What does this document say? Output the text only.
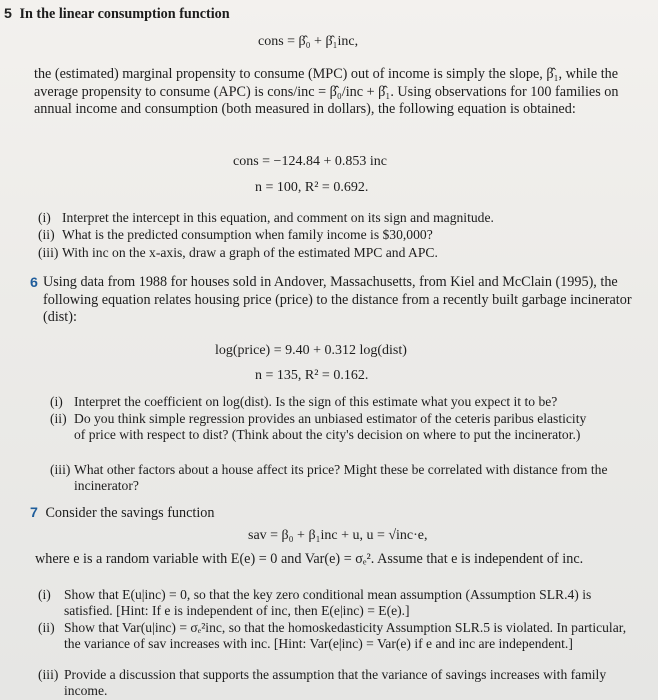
5 In the linear consumption function
cons = β̂₀ + β̂₁inc,
the (estimated) marginal propensity to consume (MPC) out of income is simply the slope, β̂₁, while the average propensity to consume (APC) is cons/inc = β̂₀/inc + β̂₁. Using observations for 100 families on annual income and consumption (both measured in dollars), the following equation is obtained:
cons = −124.84 + 0.853 inc
n = 100, R² = 0.692.
(i) Interpret the intercept in this equation, and comment on its sign and magnitude.
(ii) What is the predicted consumption when family income is $30,000?
(iii) With inc on the x-axis, draw a graph of the estimated MPC and APC.
6 Using data from 1988 for houses sold in Andover, Massachusetts, from Kiel and McClain (1995), the following equation relates housing price (price) to the distance from a recently built garbage incinerator (dist):
log(price) = 9.40 + 0.312 log(dist)
n = 135, R² = 0.162.
(i) Interpret the coefficient on log(dist). Is the sign of this estimate what you expect it to be?
(ii) Do you think simple regression provides an unbiased estimator of the ceteris paribus elasticity of price with respect to dist? (Think about the city's decision on where to put the incinerator.)
(iii) What other factors about a house affect its price? Might these be correlated with distance from the incinerator?
7 Consider the savings function
sav = β₀ + β₁inc + u, u = √inc·e,
where e is a random variable with E(e) = 0 and Var(e) = σₑ². Assume that e is independent of inc.
(i) Show that E(u|inc) = 0, so that the key zero conditional mean assumption (Assumption SLR.4) is satisfied. [Hint: If e is independent of inc, then E(e|inc) = E(e).]
(ii) Show that Var(u|inc) = σₑ²inc, so that the homoskedasticity Assumption SLR.5 is violated. In particular, the variance of sav increases with inc. [Hint: Var(e|inc) = Var(e) if e and inc are independent.]
(iii) Provide a discussion that supports the assumption that the variance of savings increases with family income.
